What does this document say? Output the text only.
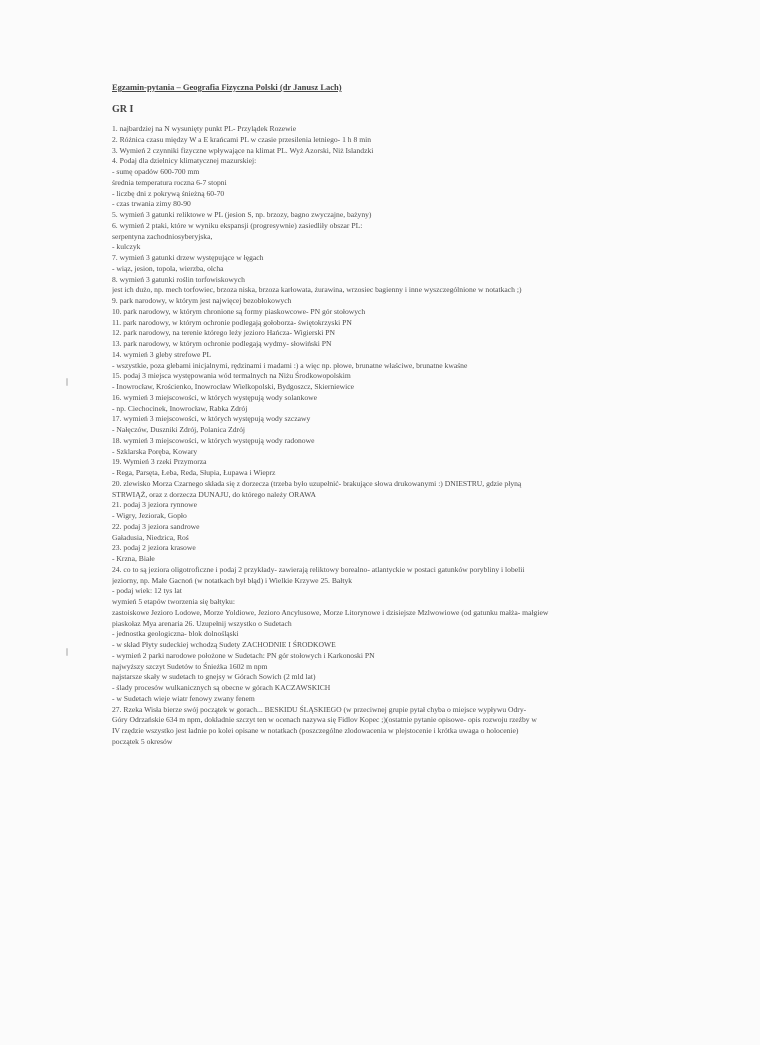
Egzamin-pytania – Geografia Fizyczna Polski (dr Janusz Lach)
GR I
1. najbardziej na N wysunięty punkt PL- Przylądek Rozewie
2. Różnica czasu między W a E krańcami PL w czasie przesilenia letniego- 1 h 8 min
3. Wymień 2 czynniki fizyczne wpływające na klimat PL. Wyż Azorski, Niż Islandzki
4. Podaj dla dzielnicy klimatycznej mazurskiej:
- sumę opadów 600-700 mm
średnia temperatura roczna 6-7 stopni
- liczbę dni z pokrywą śnieżną 60-70
- czas trwania zimy 80-90
5. wymień 3 gatunki reliktowe w PL (jesion S, np. brzozy, bagno zwyczajne, bażyny)
6. wymień 2 ptaki, które w wyniku ekspansji (progresywnie) zasiedliły obszar PL:
serpentyna zachodniosyberyjska,
- kulczyk
7. wymień 3 gatunki drzew występujące w łęgach
- wiąz, jesion, topola, wierzba, olcha
8. wymień 3 gatunki roślin torfowiskowych
jest ich dużo, np. mech torfowiec, brzoza niska, brzoza karłowata, żurawina, wrzosiec bagienny i inne wyszczególnione w notatkach ;)
9. park narodowy, w którym jest najwięcej bezobłokowych
10. park narodowy, w którym chronione są formy piaskowcowe- PN gór stołowych
11. park narodowy, w którym ochronie podlegają gołoborza- świętokrzyski PN
12. park narodowy, na terenie którego leży jezioro Hańcza- Wigierski PN
13. park narodowy, w którym ochronie podlegają wydmy- słowiński PN
14. wymień 3 gleby strefowe PL
- wszystkie, poza glebami inicjalnymi, rędzinami i madami :) a więc np. płowe, brunatne właściwe, brunatne kwaśne
15. podaj 3 miejsca występowania wód termalnych na Niżu Środkowopolskim
- Inowrocław, Krościenko, Inowrocław Wielkopolski, Bydgoszcz, Skierniewice
16. wymień 3 miejscowości, w których występują wody solankowe
- np. Ciechocinek, Inowrocław, Rabka Zdrój
17. wymień 3 miejscowości, w których występują wody szczawy
- Nałęczów, Duszniki Zdrój, Polanica Zdrój
18. wymień 3 miejscowości, w których występują wody radonowe
- Szklarska Poręba, Kowary
19. Wymień 3 rzeki Przymorza
- Rega, Parsęta, Łeba, Reda, Słupia, Łupawa i Wieprz
20. zlewisko Morza Czarnego składa się z dorzecza (trzeba było uzupełnić- brakujące słowa drukowanymi :) DNIESTRU, gdzie płyną
STRWIĄŻ, oraz z dorzecza DUNAJU, do którego należy ORAWA
21. podaj 3 jeziora rynnowe
- Wigry, Jeziorak, Gopło
22. podaj 3 jeziora sandrowe
Gaładusia, Niedzica, Roś
23. podaj 2 jeziora krasowe
- Krzna, Białe
24. co to są jeziora oligotroficzne i podaj 2 przykłady- zawierają reliktowy borealno- atlantyckie w postaci gatunków porybliny i lobelii
jeziorny, np. Małe Gacnoń (w notatkach był błąd) i Wielkie Krzywe 25. Bałtyk
- podaj wiek: 12 tys lat
wymień 5 etapów tworzenia się bałtyku:
zastoiskowe Jezioro Lodowe, Morze Yoldiowe, Jezioro Ancylusowe, Morze Litorynowe i dzisiejsze Mzlwowiowe (od gatunku małża- małgiew
piaskołaz Mya arenaria 26. Uzupełnij wszystko o Sudetach
- jednostka geologiczna- blok dolnośląski
- w skład Płyty sudeckiej wchodzą Sudety ZACHODNIE I ŚRODKOWE
- wymień 2 parki narodowe położone w Sudetach: PN gór stołowych i Karkonoski PN
najwyższy szczyt Sudetów to Śnieżka 1602 m npm
najstarsze skały w sudetach to gnejsy w Górach Sowich (2 mld lat)
- ślady procesów wulkanicznych są obecne w górach KACZAWSKICH
- w Sudetach wieje wiatr fenowy zwany fenem
27. Rzeka Wisła bierze swój początek w gorach... BESKIDU ŚLĄSKIEGO (w przeciwnej grupie pytał chyba o miejsce wypływu Odry-
Góry Odrzańskie 634 m npm, dokładnie szczyt ten w ocenach nazywa się Fidlov Kopec ;)(ostatnie pytanie opisowe- opis rozwoju rzeźby w
IV rzędzie wszystko jest ładnie po kolei opisane w notatkach (poszczególne zlodowacenia w plejstocenie i krótka uwaga o holocenie)
początek 5 okresów
